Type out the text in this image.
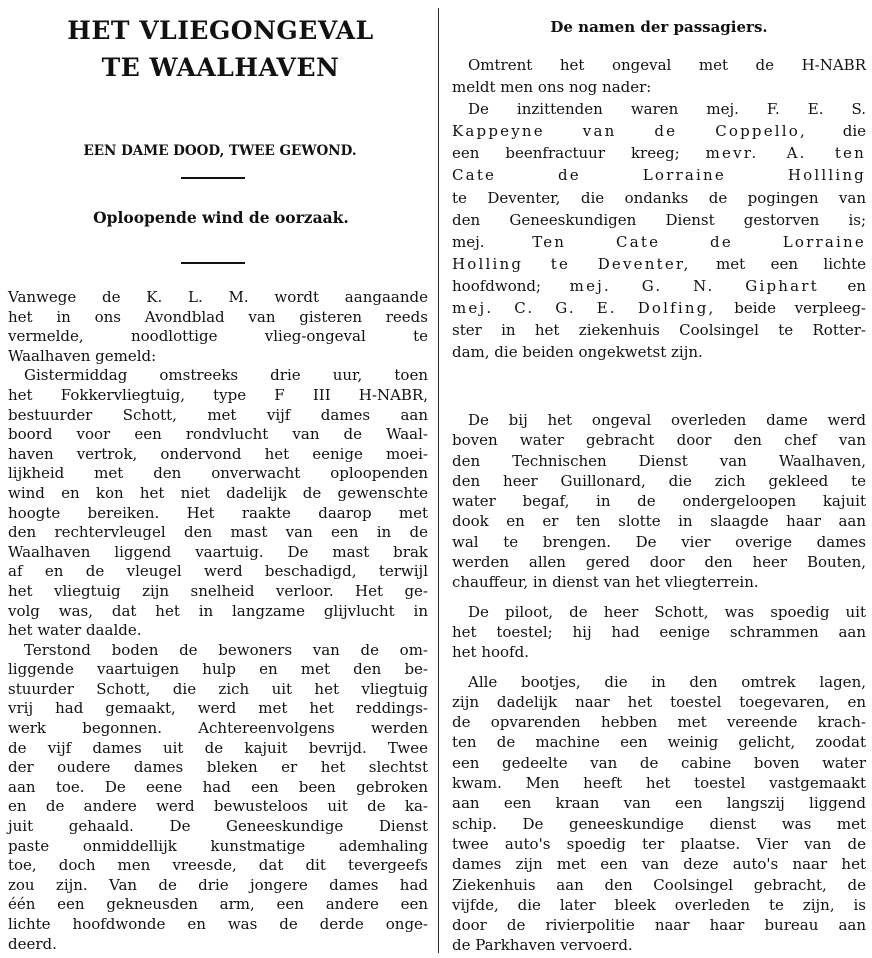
HET VLIEGONGEVAL
TE WAALHAVEN
EEN DAME DOOD, TWEE GEWOND.
Oploopende wind de oorzaak.
Vanwege de K. L. M. wordt aangaande
het in ons Avondblad van gisteren reeds
vermelde, noodlottige vlieg-ongeval te
Waalhaven gemeld:
Gistermiddag omstreeks drie uur, toen
het Fokkervliegtuig, type F III H-NABR,
bestuurder Schott, met vijf dames aan
boord voor een rondvlucht van de Waal-
haven vertrok, ondervond het eenige moei-
lijkheid met den onverwacht oploopenden
wind en kon het niet dadelijk de gewenschte
hoogte bereiken. Het raakte daarop met
den rechtervleugel den mast van een in de
Waalhaven liggend vaartuig. De mast brak
af en de vleugel werd beschadigd, terwijl
het vliegtuig zijn snelheid verloor. Het ge-
volg was, dat het in langzame glijvlucht in
het water daalde.
Terstond boden de bewoners van de om-
liggende vaartuigen hulp en met den be-
stuurder Schott, die zich uit het vliegtuig
vrij had gemaakt, werd met het reddings-
werk begonnen. Achtereenvolgens werden
de vijf dames uit de kajuit bevrijd. Twee
der oudere dames bleken er het slechtst
aan toe. De eene had een been gebroken
en de andere werd bewusteloos uit de ka-
juit gehaald. De Geneeskundige Dienst
paste onmiddellijk kunstmatige ademhaling
toe, doch men vreesde, dat dit tevergeefs
zou zijn. Van de drie jongere dames had
één een gekneusden arm, een andere een
lichte hoofdwonde en was de derde onge-
deerd.
De namen der passagiers.
Omtrent het ongeval met de H-NABR
meldt men ons nog nader:
De inzittenden waren mej. F. E. S.
Kappeyne van de Coppello, die
een beenfractuur kreeg; mevr. A. ten
Cate de Lorraine Hollling
te Deventer, die ondanks de pogingen van
den Geneeskundigen Dienst gestorven is;
mej. Ten Cate de Lorraine
Holling te Deventer, met een lichte
hoofdwond; mej. G. N. Giphart en
mej. C. G. E. Dolfing, beide verpleeg-
ster in het ziekenhuis Coolsingel te Rotter-
dam, die beiden ongekwetst zijn.
De bij het ongeval overleden dame werd
boven water gebracht door den chef van
den Technischen Dienst van Waalhaven,
den heer Guillonard, die zich gekleed te
water begaf, in de ondergeloopen kajuit
dook en er ten slotte in slaagde haar aan
wal te brengen. De vier overige dames
werden allen gered door den heer Bouten,
chauffeur, in dienst van het vliegterrein.
De piloot, de heer Schott, was spoedig uit
het toestel; hij had eenige schrammen aan
het hoofd.
Alle bootjes, die in den omtrek lagen,
zijn dadelijk naar het toestel toegevaren, en
de opvarenden hebben met vereende krach-
ten de machine een weinig gelicht, zoodat
een gedeelte van de cabine boven water
kwam. Men heeft het toestel vastgemaakt
aan een kraan van een langszij liggend
schip. De geneeskundige dienst was met
twee auto's spoedig ter plaatse. Vier van de
dames zijn met een van deze auto's naar het
Ziekenhuis aan den Coolsingel gebracht, de
vijfde, die later bleek overleden te zijn, is
door de rivierpolitie naar haar bureau aan
de Parkhaven vervoerd.
